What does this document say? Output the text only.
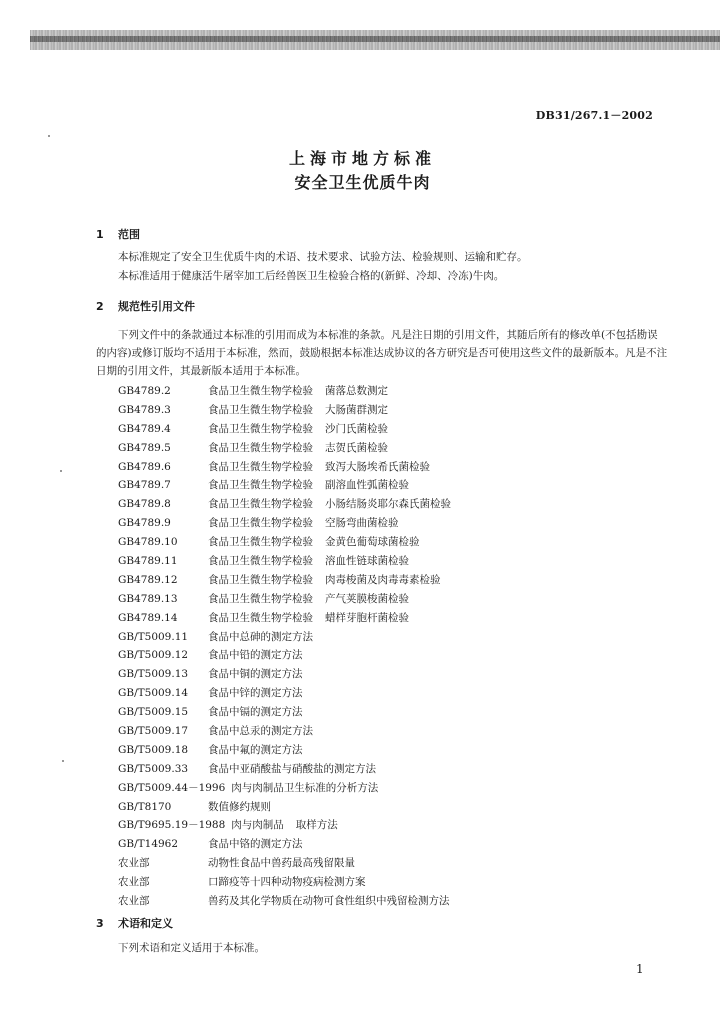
DB31/267.1－2002
上海市地方标准
安全卫生优质牛肉
1 范围
本标准规定了安全卫生优质牛肉的术语、技术要求、试验方法、检验规则、运输和贮存。
本标准适用于健康活牛屠宰加工后经兽医卫生检验合格的(新鲜、冷却、冷冻)牛肉。
2 规范性引用文件
下列文件中的条款通过本标准的引用而成为本标准的条款。凡是注日期的引用文件，其随后所有的修改单(不包括勘误的内容)或修订版均不适用于本标准，然而，鼓励根据本标准达成协议的各方研究是否可使用这些文件的最新版本。凡是不注日期的引用文件，其最新版本适用于本标准。
GB4789.2	食品卫生微生物学检验 菌落总数测定
GB4789.3	食品卫生微生物学检验 大肠菌群测定
GB4789.4	食品卫生微生物学检验 沙门氏菌检验
GB4789.5	食品卫生微生物学检验 志贺氏菌检验
GB4789.6	食品卫生微生物学检验 致泻大肠埃希氏菌检验
GB4789.7	食品卫生微生物学检验 副溶血性弧菌检验
GB4789.8	食品卫生微生物学检验 小肠结肠炎耶尔森氏菌检验
GB4789.9	食品卫生微生物学检验 空肠弯曲菌检验
GB4789.10	食品卫生微生物学检验 金黄色葡萄球菌检验
GB4789.11	食品卫生微生物学检验 溶血性链球菌检验
GB4789.12	食品卫生微生物学检验 肉毒梭菌及肉毒毒素检验
GB4789.13	食品卫生微生物学检验 产气荚膜梭菌检验
GB4789.14	食品卫生微生物学检验 蜡样芽胞杆菌检验
GB/T5009.11 食品中总砷的测定方法
GB/T5009.12 食品中铅的测定方法
GB/T5009.13 食品中铜的测定方法
GB/T5009.14 食品中锌的测定方法
GB/T5009.15 食品中镉的测定方法
GB/T5009.17 食品中总汞的测定方法
GB/T5009.18 食品中氟的测定方法
GB/T5009.33 食品中亚硝酸盐与硝酸盐的测定方法
GB/T5009.44－1996 肉与肉制品卫生标准的分析方法
GB/T8170	数值修约规则
GB/T9695.19－1988 肉与肉制品 取样方法
GB/T14962	食品中铬的测定方法
农业部	动物性食品中兽药最高残留限量
农业部	口蹄疫等十四种动物疫病检测方案
农业部	兽药及其化学物质在动物可食性组织中残留检测方法
3 术语和定义
下列术语和定义适用于本标准。
1
